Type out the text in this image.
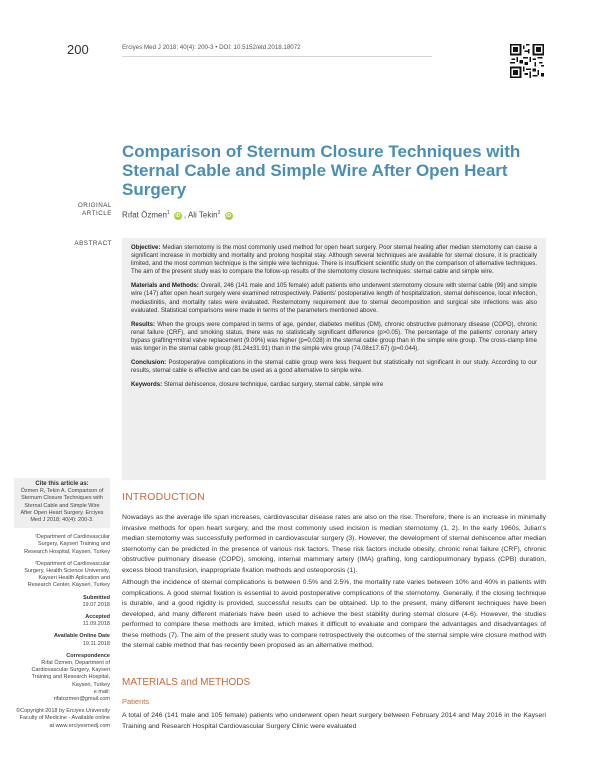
200	Erciyes Med J 2018; 40(4): 200-3 • DOI: 10.5152/etd.2018.18072
Comparison of Sternum Closure Techniques with Sternal Cable and Simple Wire After Open Heart Surgery
ORIGINAL
ARTICLE Rıfat Özmen$^1$ iD , Ali Tekin$^2$ iD
ABSTRACT

Objective: Median sternotomy is the most commonly used method for open heart surgery. Poor sternal healing after median sternotomy can cause a significant increase in morbidity and mortality and prolong hospital stay. Although several techniques are available for sternal closure, it is practically limited, and the most common technique is the simple wire technique. There is insufficient scientific study on the comparison of alternative techniques. The aim of the present study was to compare the follow-up results of the sternotomy closure techniques: sternal cable and simple wire.

Materials and Methods: Overall, 246 (141 male and 105 female) adult patients who underwent sternotomy closure with sternal cable (99) and simple wire (147) after open heart surgery were examined retrospectively. Patients' postoperative length of hospitalization, sternal dehiscence, local infection, mediastinitis, and mortality rates were evaluated. Resternotomy requirement due to sternal decomposition and surgical site infections was also evaluated. Statistical comparisons were made in terms of the parameters mentioned above.

Results: When the groups were compared in terms of age, gender, diabetes mellitus (DM), chronic obstructive pulmonary disease (COPD), chronic renal failure (CRF), and smoking status, there was no statistically significant difference (p>0.05). The percentage of the patients' coronary artery bypass grafting+mitral valve replacement (9.09%) was higher (p=0.028) in the sternal cable group than in the simple wire group. The cross-clamp time was longer in the sternal cable group (81.24±31.91) than in the simple wire group (74.08±17.67) (p=0.044).

Conclusion: Postoperative complications in the sternal cable group were less frequent but statistically not significant in our study. According to our results, sternal cable is effective and can be used as a good alternative to simple wire.

Keywords: Sternal dehiscence, closure technique, cardiac surgery, sternal cable, simple wire

Cite this article as:
Özmen R, Tekin A. Comparison of Sternum Closure Techniques with Sternal Cable and Simple Wire After Open Heart Surgery. Erciyes Med J 2018; 40(4): 200-3.
¹Department of Cardiovascular Surgery, Kayseri Training and Research Hospital, Kayseri, Turkey
²Department of Cardiovascular Surgery, Health Science University, Kayseri Health Aplication and Research Center, Kayseri, Turkey
Submitted
19.07.2018
Accepted
11.09.2018
Available Online Date
19.11.2018
Correspondence
Rıfat Özmen, Department of Cardiovascular Surgery, Kayseri Training and Research Hospital, Kayseri, Turkey
e.mail:
rifatozmen@gmail.com
©Copyright 2018 by Erciyes University Faculty of Medicine - Available online at www.erciyesmedj.com
INTRODUCTION
Nowadays as the average life span increases, cardiovascular disease rates are also on the rise. Therefore, there is an increase in minimally invasive methods for open heart surgery, and the most commonly used incision is median sternotomy (1, 2). In the early 1960s, Julian's median sternotomy was successfully performed in cardiovascular surgery (3). However, the development of sternal dehiscence after median sternotomy can be predicted in the presence of various risk factors. These risk factors include obesity, chronic renal failure (CRF), chronic obstructive pulmonary disease (COPD), smoking, internal mammary artery (IMA) grafting, long cardiopulmonary bypass (CPB) duration, excess blood transfusion, inappropriate fixation methods and osteoporosis (1).
Although the incidence of sternal complications is between 0.5% and 2.5%, the mortality rate varies between 10% and 40% in patients with complications. A good sternal fixation is essential to avoid postoperative complications of the sternotomy. Generally, if the closing technique is durable, and a good rigidity is provided, successful results can be obtained. Up to the present, many different techniques have been developed, and many different materials have been used to achieve the best stability during sternal closure (4-6). However, the studies performed to compare these methods are limited, which makes it difficult to evaluate and compare the advantages and disadvantages of these methods (7). The aim of the present study was to compare retrospectively the outcomes of the sternal simple wire closure method with the sternal cable method that has recently been proposed as an alternative method.
MATERIALS and METHODS
Patients
A total of 246 (141 male and 105 female) patients who underwent open heart surgery between February 2014 and May 2016 in the Kayseri Training and Research Hospital Cardiovascular Surgery Clinic were evaluated
